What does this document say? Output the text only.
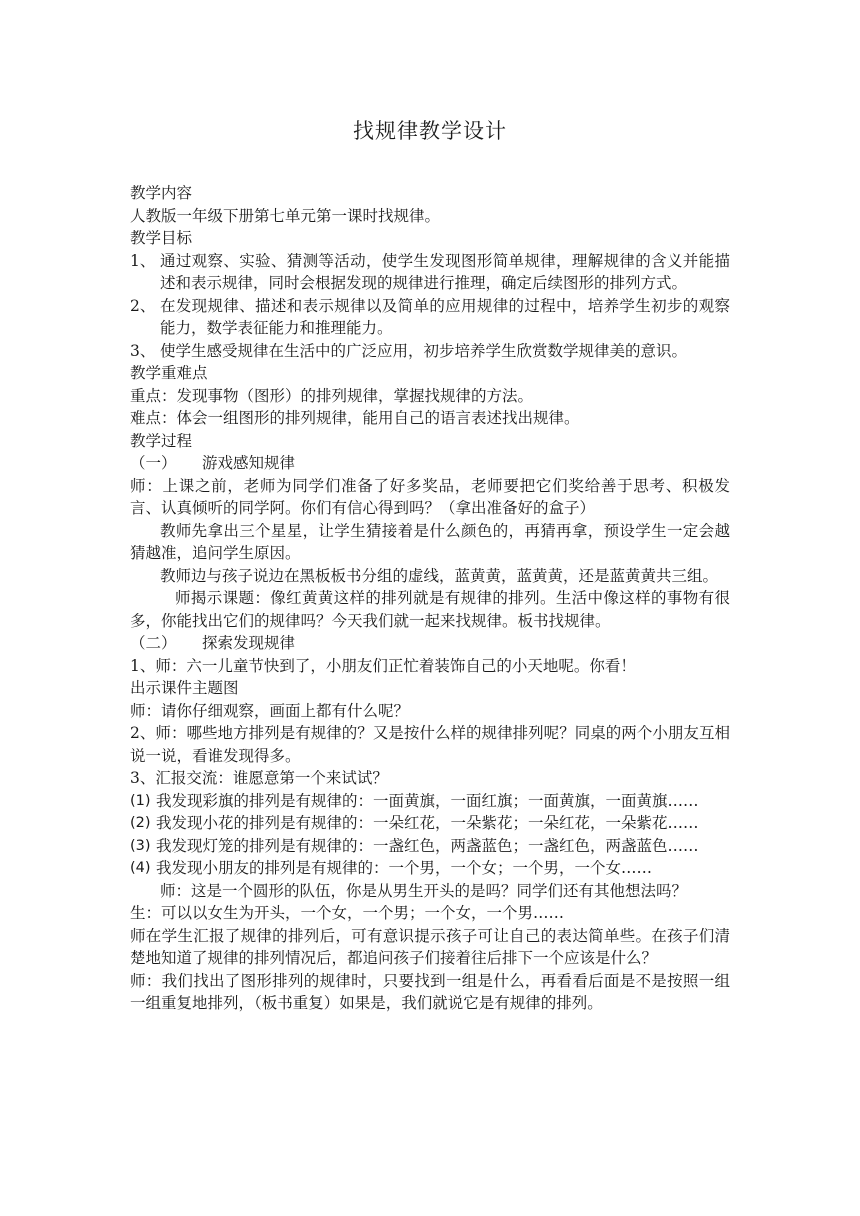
找规律教学设计

教学内容

人教版一年级下册第七单元第一课时找规律。

教学目标

1、 通过观察、实验、猜测等活动，使学生发现图形简单规律，理解规律的含义并能描述和表示规律，同时会根据发现的规律进行推理，确定后续图形的排列方式。
2、 在发现规律、描述和表示规律以及简单的应用规律的过程中，培养学生初步的观察能力，数学表征能力和推理能力。
3、 使学生感受规律在生活中的广泛应用，初步培养学生欣赏数学规律美的意识。

教学重难点

重点：发现事物（图形）的排列规律，掌握找规律的方法。

难点：体会一组图形的排列规律，能用自己的语言表述找出规律。

教学过程

（一） 游戏感知规律

师：上课之前，老师为同学们准备了好多奖品，老师要把它们奖给善于思考、积极发言、认真倾听的同学阿。你们有信心得到吗？（拿出准备好的盒子）

教师先拿出三个星星，让学生猜接着是什么颜色的，再猜再拿，预设学生一定会越猜越准，追问学生原因。

教师边与孩子说边在黑板板书分组的虚线，蓝黄黄，蓝黄黄，还是蓝黄黄共三组。

师揭示课题：像红黄黄这样的排列就是有规律的排列。生活中像这样的事物有很多，你能找出它们的规律吗？今天我们就一起来找规律。板书找规律。

（二） 探索发现规律

1、师：六一儿童节快到了，小朋友们正忙着装饰自己的小天地呢。你看！

出示课件主题图

师：请你仔细观察，画面上都有什么呢？

2、师：哪些地方排列是有规律的？又是按什么样的规律排列呢？同桌的两个小朋友互相说一说，看谁发现得多。

3、汇报交流：谁愿意第一个来试试？

(1) 我发现彩旗的排列是有规律的：一面黄旗，一面红旗；一面黄旗，一面黄旗……
(2) 我发现小花的排列是有规律的：一朵红花，一朵紫花；一朵红花，一朵紫花……
(3) 我发现灯笼的排列是有规律的：一盏红色，两盏蓝色；一盏红色，两盏蓝色……
(4) 我发现小朋友的排列是有规律的：一个男，一个女；一个男，一个女……

师：这是一个圆形的队伍，你是从男生开头的是吗？同学们还有其他想法吗？

生：可以以女生为开头，一个女，一个男；一个女，一个男……

师在学生汇报了规律的排列后，可有意识提示孩子可让自己的表达简单些。在孩子们清楚地知道了规律的排列情况后，都追问孩子们接着往后排下一个应该是什么？

师：我们找出了图形排列的规律时，只要找到一组是什么，再看看后面是不是按照一组一组重复地排列，（板书重复）如果是，我们就说它是有规律的排列。
